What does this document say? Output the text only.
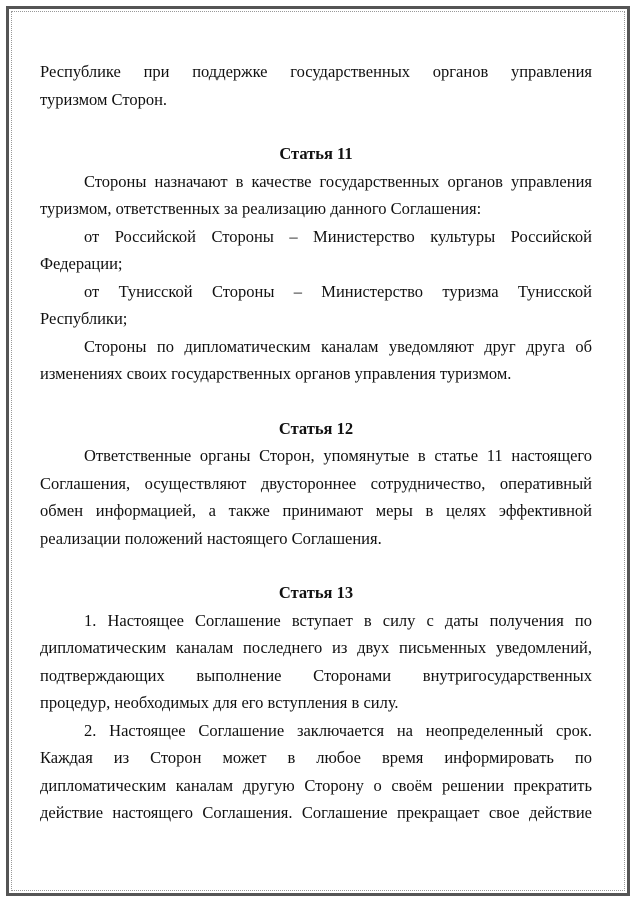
Республике при поддержке государственных органов управления
туризмом Сторон.

Статья 11

Стороны назначают в качестве государственных органов управления
туризмом, ответственных за реализацию данного Соглашения:
от Российской Стороны – Министерство культуры Российской
Федерации;
от Тунисской Стороны – Министерство туризма Тунисской
Республики;
Стороны по дипломатическим каналам уведомляют друг друга об
изменениях своих государственных органов управления туризмом.

Статья 12

Ответственные органы Сторон, упомянутые в статье 11 настоящего
Соглашения, осуществляют двустороннее сотрудничество, оперативный
обмен информацией, а также принимают меры в целях эффективной
реализации положений настоящего Соглашения.

Статья 13

1. Настоящее Соглашение вступает в силу с даты получения по
дипломатическим каналам последнего из двух письменных уведомлений,
подтверждающих выполнение Сторонами внутригосударственных
процедур, необходимых для его вступления в силу.
2. Настоящее Соглашение заключается на неопределенный срок.
Каждая из Сторон может в любое время информировать по
дипломатическим каналам другую Сторону о своём решении прекратить
действие настоящего Соглашения. Соглашение прекращает свое действие
